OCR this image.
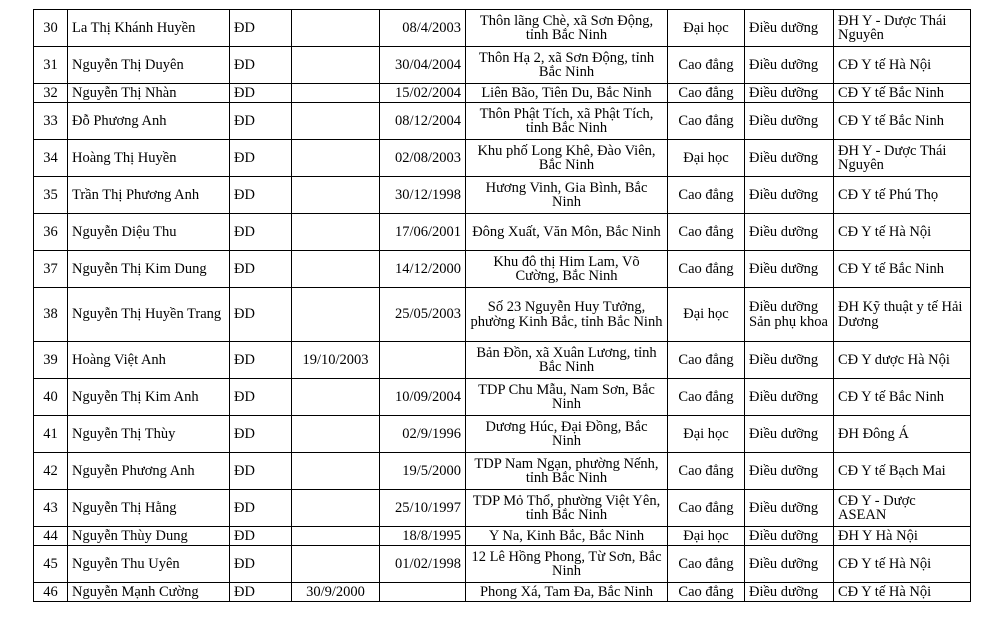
30	La Thị Khánh Huyền	ĐD		08/4/2003	Thôn lãng Chè, xã Sơn Động, tỉnh Bắc Ninh	Đại học	Điều dưỡng	ĐH Y - Dược Thái Nguyên
31	Nguyễn Thị Duyên	ĐD		30/04/2004	Thôn Hạ 2, xã Sơn Động, tỉnh Bắc Ninh	Cao đẳng	Điều dưỡng	CĐ Y tế Hà Nội
32	Nguyễn Thị Nhàn	ĐD		15/02/2004	Liên Bão, Tiên Du, Bắc Ninh	Cao đẳng	Điều dưỡng	CĐ Y tế Bắc Ninh
33	Đỗ Phương Anh	ĐD		08/12/2004	Thôn Phật Tích, xã Phật Tích, tỉnh Bắc Ninh	Cao đẳng	Điều dưỡng	CĐ Y tế Bắc Ninh
34	Hoàng Thị Huyền	ĐD		02/08/2003	Khu phố Long Khê, Đào Viên, Bắc Ninh	Đại học	Điều dưỡng	ĐH Y - Dược Thái Nguyên
35	Trần Thị Phương Anh	ĐD		30/12/1998	Hương Vinh, Gia Bình, Bắc Ninh	Cao đẳng	Điều dưỡng	CĐ Y tế Phú Thọ
36	Nguyễn Diệu Thu	ĐD		17/06/2001	Đông Xuất, Văn Môn, Bắc Ninh	Cao đẳng	Điều dưỡng	CĐ Y tế Hà Nội
37	Nguyễn Thị Kim Dung	ĐD		14/12/2000	Khu đô thị Him Lam, Võ Cường, Bắc Ninh	Cao đẳng	Điều dưỡng	CĐ Y tế Bắc Ninh
38	Nguyễn Thị Huyền Trang	ĐD		25/05/2003	Số 23 Nguyễn Huy Tưởng, phường Kinh Bắc, tỉnh Bắc Ninh	Đại học	Điều dưỡng Sản phụ khoa	ĐH Kỹ thuật y tế Hải Dương
39	Hoàng Việt Anh	ĐD	19/10/2003		Bản Đồn, xã Xuân Lương, tỉnh Bắc Ninh	Cao đẳng	Điều dưỡng	CĐ Y dược Hà Nội
40	Nguyễn Thị Kim Anh	ĐD		10/09/2004	TDP Chu Mẫu, Nam Sơn, Bắc Ninh	Cao đẳng	Điều dưỡng	CĐ Y tế Bắc Ninh
41	Nguyễn Thị Thùy	ĐD		02/9/1996	Dương Húc, Đại Đồng, Bắc Ninh	Đại học	Điều dưỡng	ĐH Đông Á
42	Nguyễn Phương Anh	ĐD		19/5/2000	TDP Nam Ngạn, phường Nếnh, tỉnh Bắc Ninh	Cao đẳng	Điều dưỡng	CĐ Y tế Bạch Mai
43	Nguyễn Thị Hằng	ĐD		25/10/1997	TDP Mỏ Thổ, phường Việt Yên, tỉnh Bắc Ninh	Cao đẳng	Điều dưỡng	CĐ Y - Dược ASEAN
44	Nguyễn Thùy Dung	ĐD		18/8/1995	Y Na, Kinh Bắc, Bắc Ninh	Đại học	Điều dưỡng	ĐH Y Hà Nội
45	Nguyễn Thu Uyên	ĐD		01/02/1998	12 Lê Hồng Phong, Từ Sơn, Bắc Ninh	Cao đẳng	Điều dưỡng	CĐ Y tế Hà Nội
46	Nguyễn Mạnh Cường	ĐD	30/9/2000		Phong Xá, Tam Đa, Bắc Ninh	Cao đẳng	Điều dưỡng	CĐ Y tế Hà Nội
